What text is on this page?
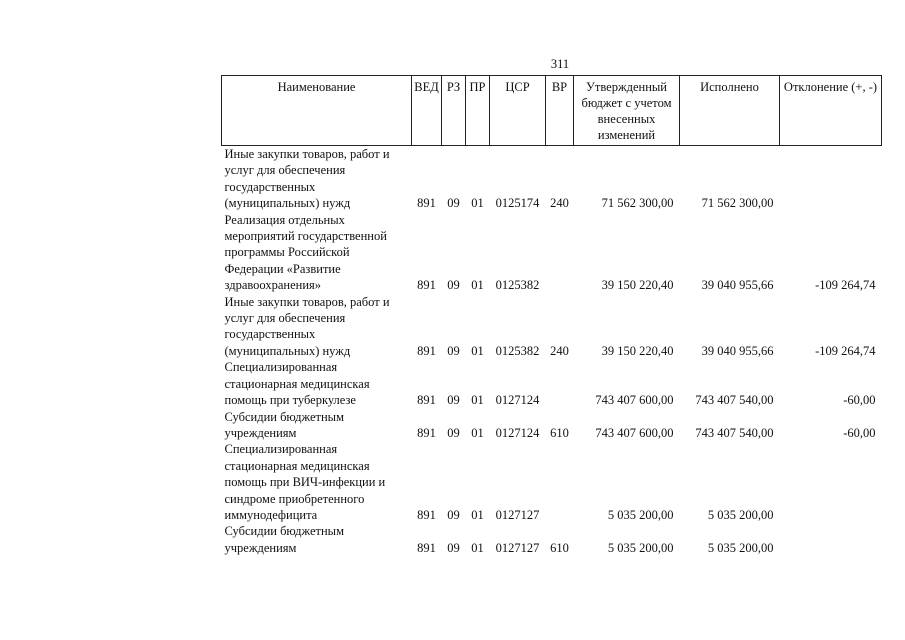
311
Наименование	ВЕД	РЗ	ПР	ЦСР	ВР	Утвержденный бюджет с учетом внесенных изменений	Исполнено	Отклонение (+, -)
Иные закупки товаров, работ и услуг для обеспечения государственных (муниципальных) нужд	891	09	01	0125174	240	71 562 300,00	71 562 300,00	
Реализация отдельных мероприятий государственной программы Российской Федерации «Развитие здравоохранения»	891	09	01	0125382		39 150 220,40	39 040 955,66	-109 264,74
Иные закупки товаров, работ и услуг для обеспечения государственных (муниципальных) нужд	891	09	01	0125382	240	39 150 220,40	39 040 955,66	-109 264,74
Специализированная стационарная медицинская помощь при туберкулезе	891	09	01	0127124		743 407 600,00	743 407 540,00	-60,00
Субсидии бюджетным учреждениям	891	09	01	0127124	610	743 407 600,00	743 407 540,00	-60,00
Специализированная стационарная медицинская помощь при ВИЧ-инфекции и синдроме приобретенного иммунодефицита	891	09	01	0127127		5 035 200,00	5 035 200,00	
Субсидии бюджетным учреждениям	891	09	01	0127127	610	5 035 200,00	5 035 200,00	
